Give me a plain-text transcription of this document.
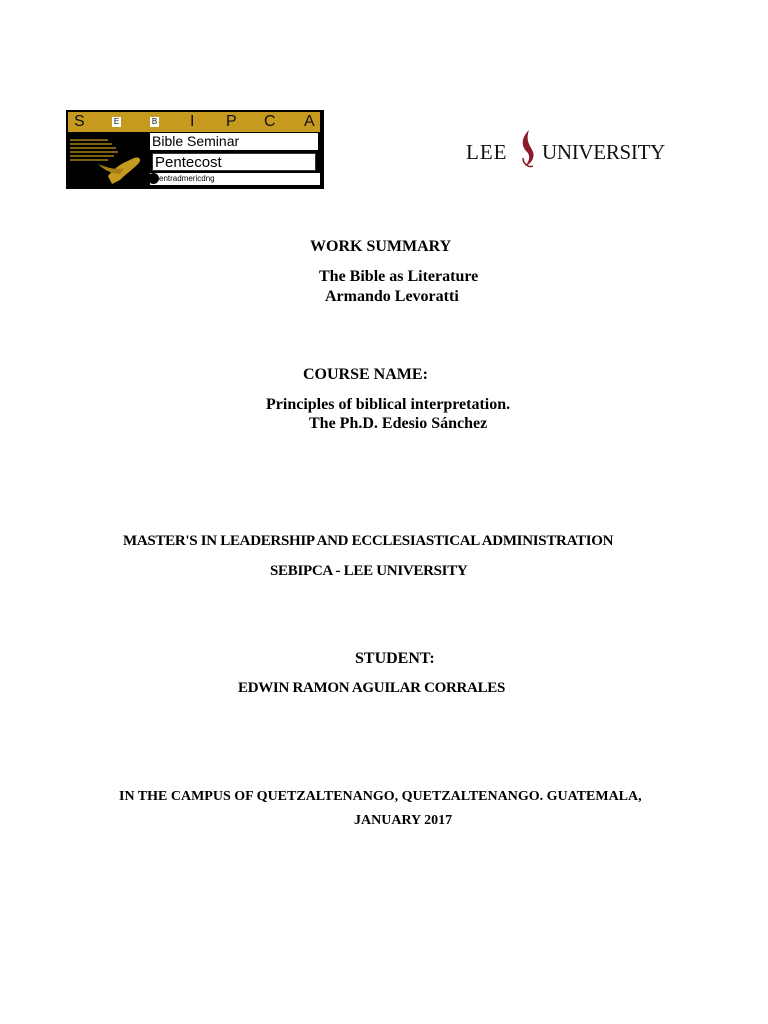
S	E	B I P C A
Bible Seminar
Pentecost
entradmericdng
LEE UNIVERSITY
WORK SUMMARY
The Bible as Literature
Armando Levoratti
COURSE NAME:
Principles of biblical interpretation.
The Ph.D. Edesio Sánchez
MASTER'S IN LEADERSHIP AND ECCLESIASTICAL ADMINISTRATION
SEBIPCA - LEE UNIVERSITY
STUDENT:
EDWIN RAMON AGUILAR CORRALES
IN THE CAMPUS OF QUETZALTENANGO, QUETZALTENANGO. GUATEMALA,
JANUARY 2017
